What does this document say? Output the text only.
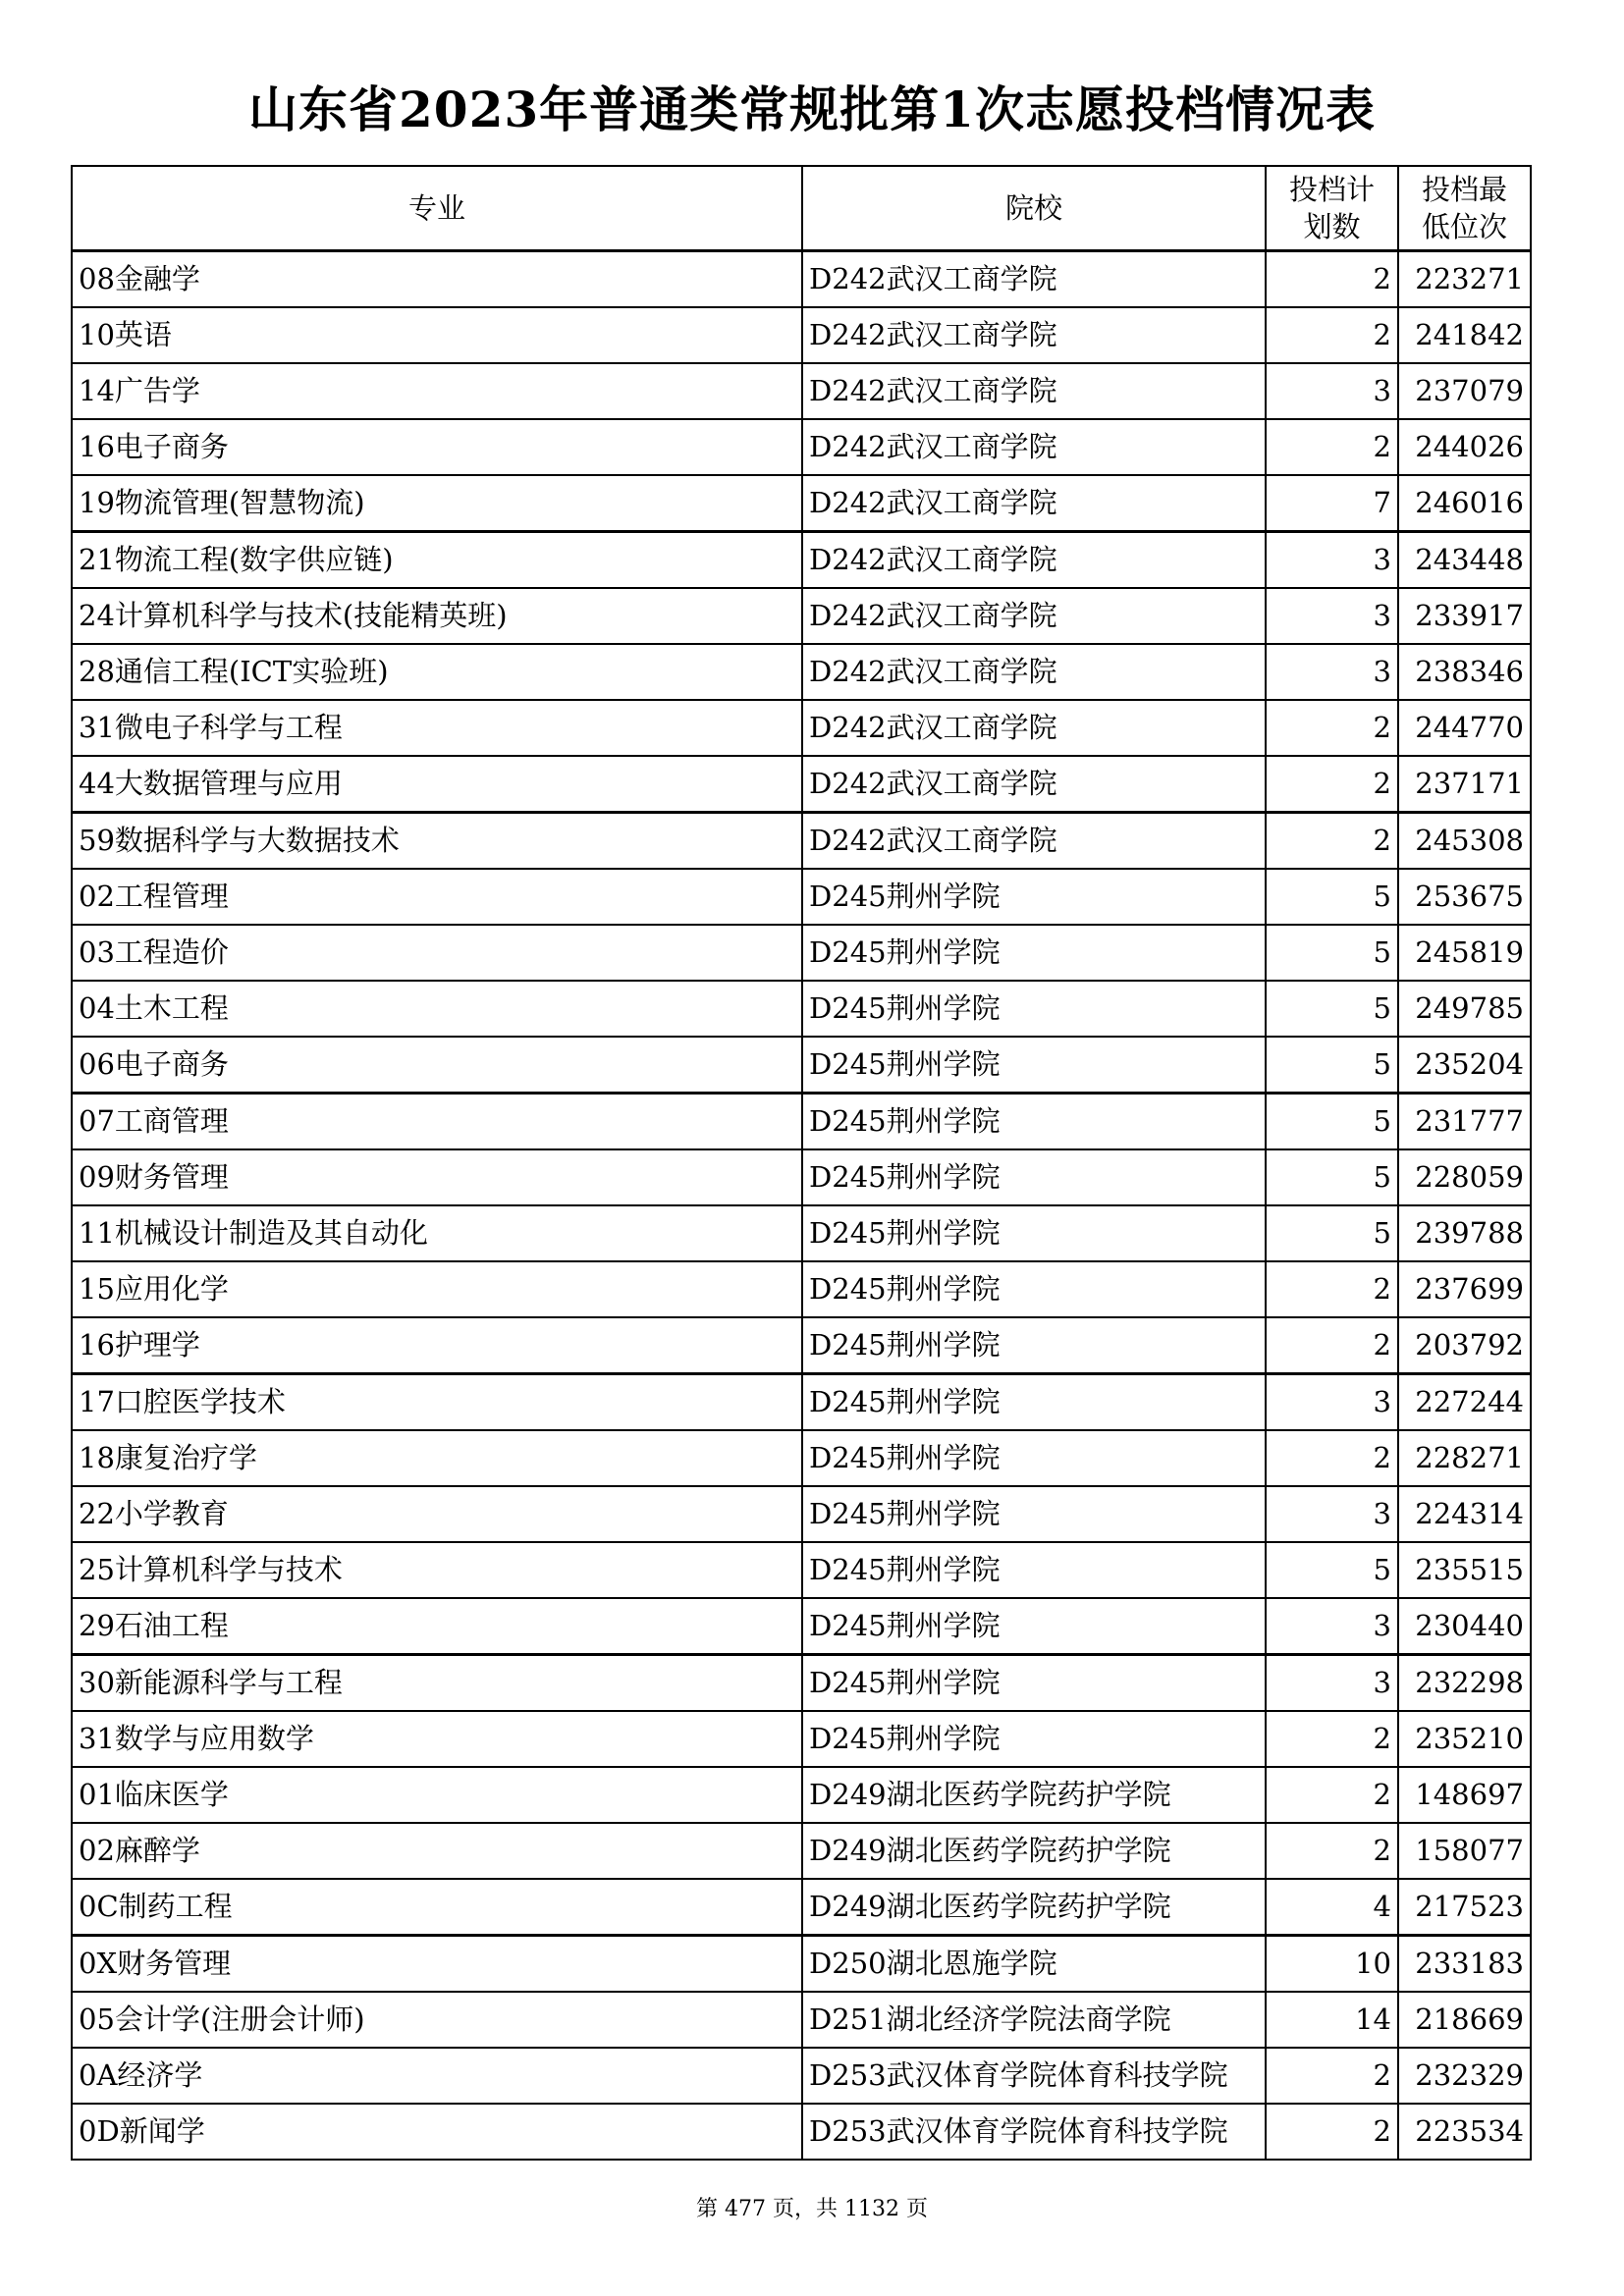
山东省2023年普通类常规批第1次志愿投档情况表
专业	院校	投档计划数	投档最低位次
08金融学	D242武汉工商学院	2	223271
10英语	D242武汉工商学院	2	241842
14广告学	D242武汉工商学院	3	237079
16电子商务	D242武汉工商学院	2	244026
19物流管理(智慧物流)	D242武汉工商学院	7	246016
21物流工程(数字供应链)	D242武汉工商学院	3	243448
24计算机科学与技术(技能精英班)	D242武汉工商学院	3	233917
28通信工程(ICT实验班)	D242武汉工商学院	3	238346
31微电子科学与工程	D242武汉工商学院	2	244770
44大数据管理与应用	D242武汉工商学院	2	237171
59数据科学与大数据技术	D242武汉工商学院	2	245308
02工程管理	D245荆州学院	5	253675
03工程造价	D245荆州学院	5	245819
04土木工程	D245荆州学院	5	249785
06电子商务	D245荆州学院	5	235204
07工商管理	D245荆州学院	5	231777
09财务管理	D245荆州学院	5	228059
11机械设计制造及其自动化	D245荆州学院	5	239788
15应用化学	D245荆州学院	2	237699
16护理学	D245荆州学院	2	203792
17口腔医学技术	D245荆州学院	3	227244
18康复治疗学	D245荆州学院	2	228271
22小学教育	D245荆州学院	3	224314
25计算机科学与技术	D245荆州学院	5	235515
29石油工程	D245荆州学院	3	230440
30新能源科学与工程	D245荆州学院	3	232298
31数学与应用数学	D245荆州学院	2	235210
01临床医学	D249湖北医药学院药护学院	2	148697
02麻醉学	D249湖北医药学院药护学院	2	158077
0C制药工程	D249湖北医药学院药护学院	4	217523
0X财务管理	D250湖北恩施学院	10	233183
05会计学(注册会计师)	D251湖北经济学院法商学院	14	218669
0A经济学	D253武汉体育学院体育科技学院	2	232329
0D新闻学	D253武汉体育学院体育科技学院	2	223534
第 477 页，共 1132 页
